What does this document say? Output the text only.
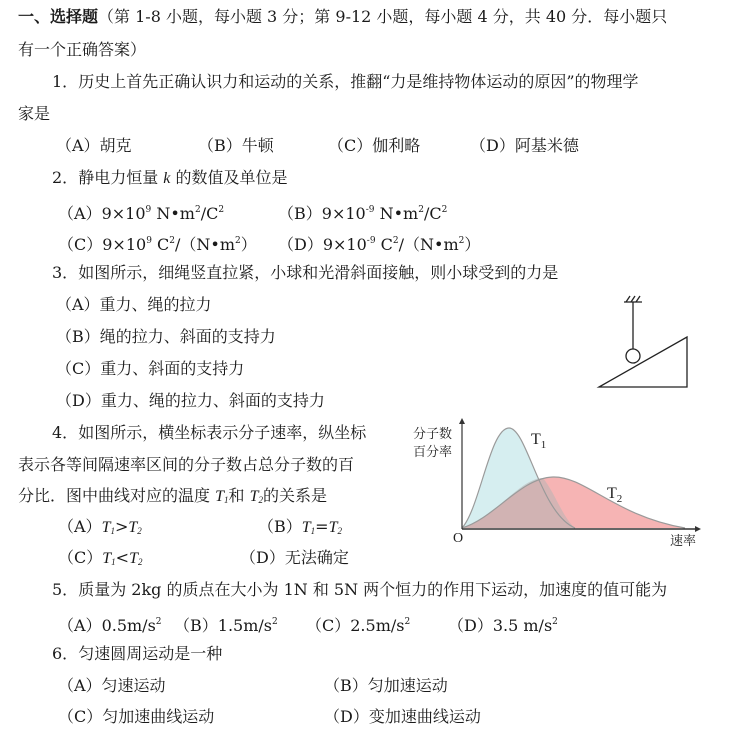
一、选择题（第 1-8 小题，每小题 3 分；第 9-12 小题，每小题 4 分，共 40 分．每小题只
有一个正确答案）
1．历史上首先正确认识力和运动的关系，推翻“力是维持物体运动的原因”的物理学
家是
（A）胡克	（B）牛顿	（C）伽利略	（D）阿基米德
2．静电力恒量 k 的数值及单位是
$(A)9\times 10^9$ $N•m^2/C^2$	$(B)9\times 10^{-9}$ $N•m^2/C^2$
$(C)9\times 10^9$ $C^2/(N•m^2)$ $(D)9\times 10^{-9}$ $C^2/(N•m^2)$
3．如图所示，细绳竖直拉紧，小球和光滑斜面接触，则小球受到的力是
（A）重力、绳的拉力
（B）绳的拉力、斜面的支持力
（C）重力、斜面的支持力
（D）重力、绳的拉力、斜面的支持力
4．如图所示，横坐标表示分子速率，纵坐标
表示各等间隔速率区间的分子数占总分子数的百
分比．图中曲线对应的温度 $T_1$和 $T_2$的关系是
$(A)T_1>T_2$	$(B)T_1=T_2$
$(C)T_1<T_2$	（D）无法确定
分子数
百分率
O	速率
$T_1$
$T_2$
5．质量为 2kg 的质点在大小为 1N 和 5N 两个恒力的作用下运动，加速度的值可能为
$(A)0.5m/s^2$ $(B)1.5m/s^2$ $(C)2.5m/s^2$ （D）3.5 $m/s^2$
6．匀速圆周运动是一种
（A）匀速运动	（B）匀加速运动
（C）匀加速曲线运动	（D）变加速曲线运动
